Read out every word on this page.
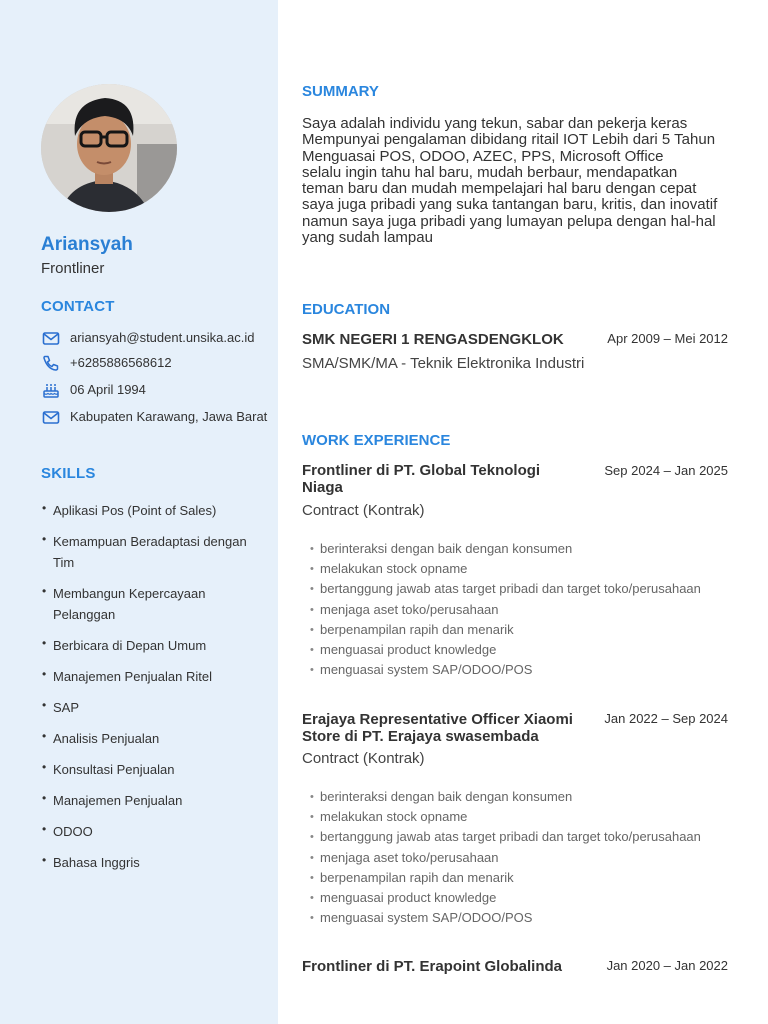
Ariansyah
Frontliner
CONTACT
ariansyah@student.unsika.ac.id
+6285886568612
06 April 1994
Kabupaten Karawang, Jawa Barat
SKILLS
• Aplikasi Pos (Point of Sales)
• Kemampuan Beradaptasi dengan Tim
• Membangun Kepercayaan Pelanggan
• Berbicara di Depan Umum
• Manajemen Penjualan Ritel
• SAP
• Analisis Penjualan
• Konsultasi Penjualan
• Manajemen Penjualan
• ODOO
• Bahasa Inggris
SUMMARY
Saya adalah individu yang tekun, sabar dan pekerja keras
Mempunyai pengalaman dibidang ritail IOT Lebih dari 5 Tahun
Menguasai POS, ODOO, AZEC, PPS, Microsoft Office
selalu ingin tahu hal baru, mudah berbaur, mendapatkan teman baru dan mudah mempelajari hal baru dengan cepat
saya juga pribadi yang suka tantangan baru, kritis, dan inovatif
namun saya juga pribadi yang lumayan pelupa dengan hal-hal yang sudah lampau
EDUCATION
SMK NEGERI 1 RENGASDENGKLOK	Apr 2009 – Mei 2012
SMA/SMK/MA - Teknik Elektronika Industri
WORK EXPERIENCE
Frontliner di PT. Global Teknologi Niaga
Sep 2024 – Jan 2025
Contract (Kontrak)
• berinteraksi dengan baik dengan konsumen
• melakukan stock opname
• bertanggung jawab atas target pribadi dan target toko/perusahaan
• menjaga aset toko/perusahaan
• berpenampilan rapih dan menarik
• menguasai product knowledge
• menguasai system SAP/ODOO/POS
Erajaya Representative Officer Xiaomi Store di PT. Erajaya swasembada
Jan 2022 – Sep 2024
Contract (Kontrak)
• berinteraksi dengan baik dengan konsumen
• melakukan stock opname
• bertanggung jawab atas target pribadi dan target toko/perusahaan
• menjaga aset toko/perusahaan
• berpenampilan rapih dan menarik
• menguasai product knowledge
• menguasai system SAP/ODOO/POS
Frontliner di PT. Erapoint Globalinda	Jan 2020 – Jan 2022
